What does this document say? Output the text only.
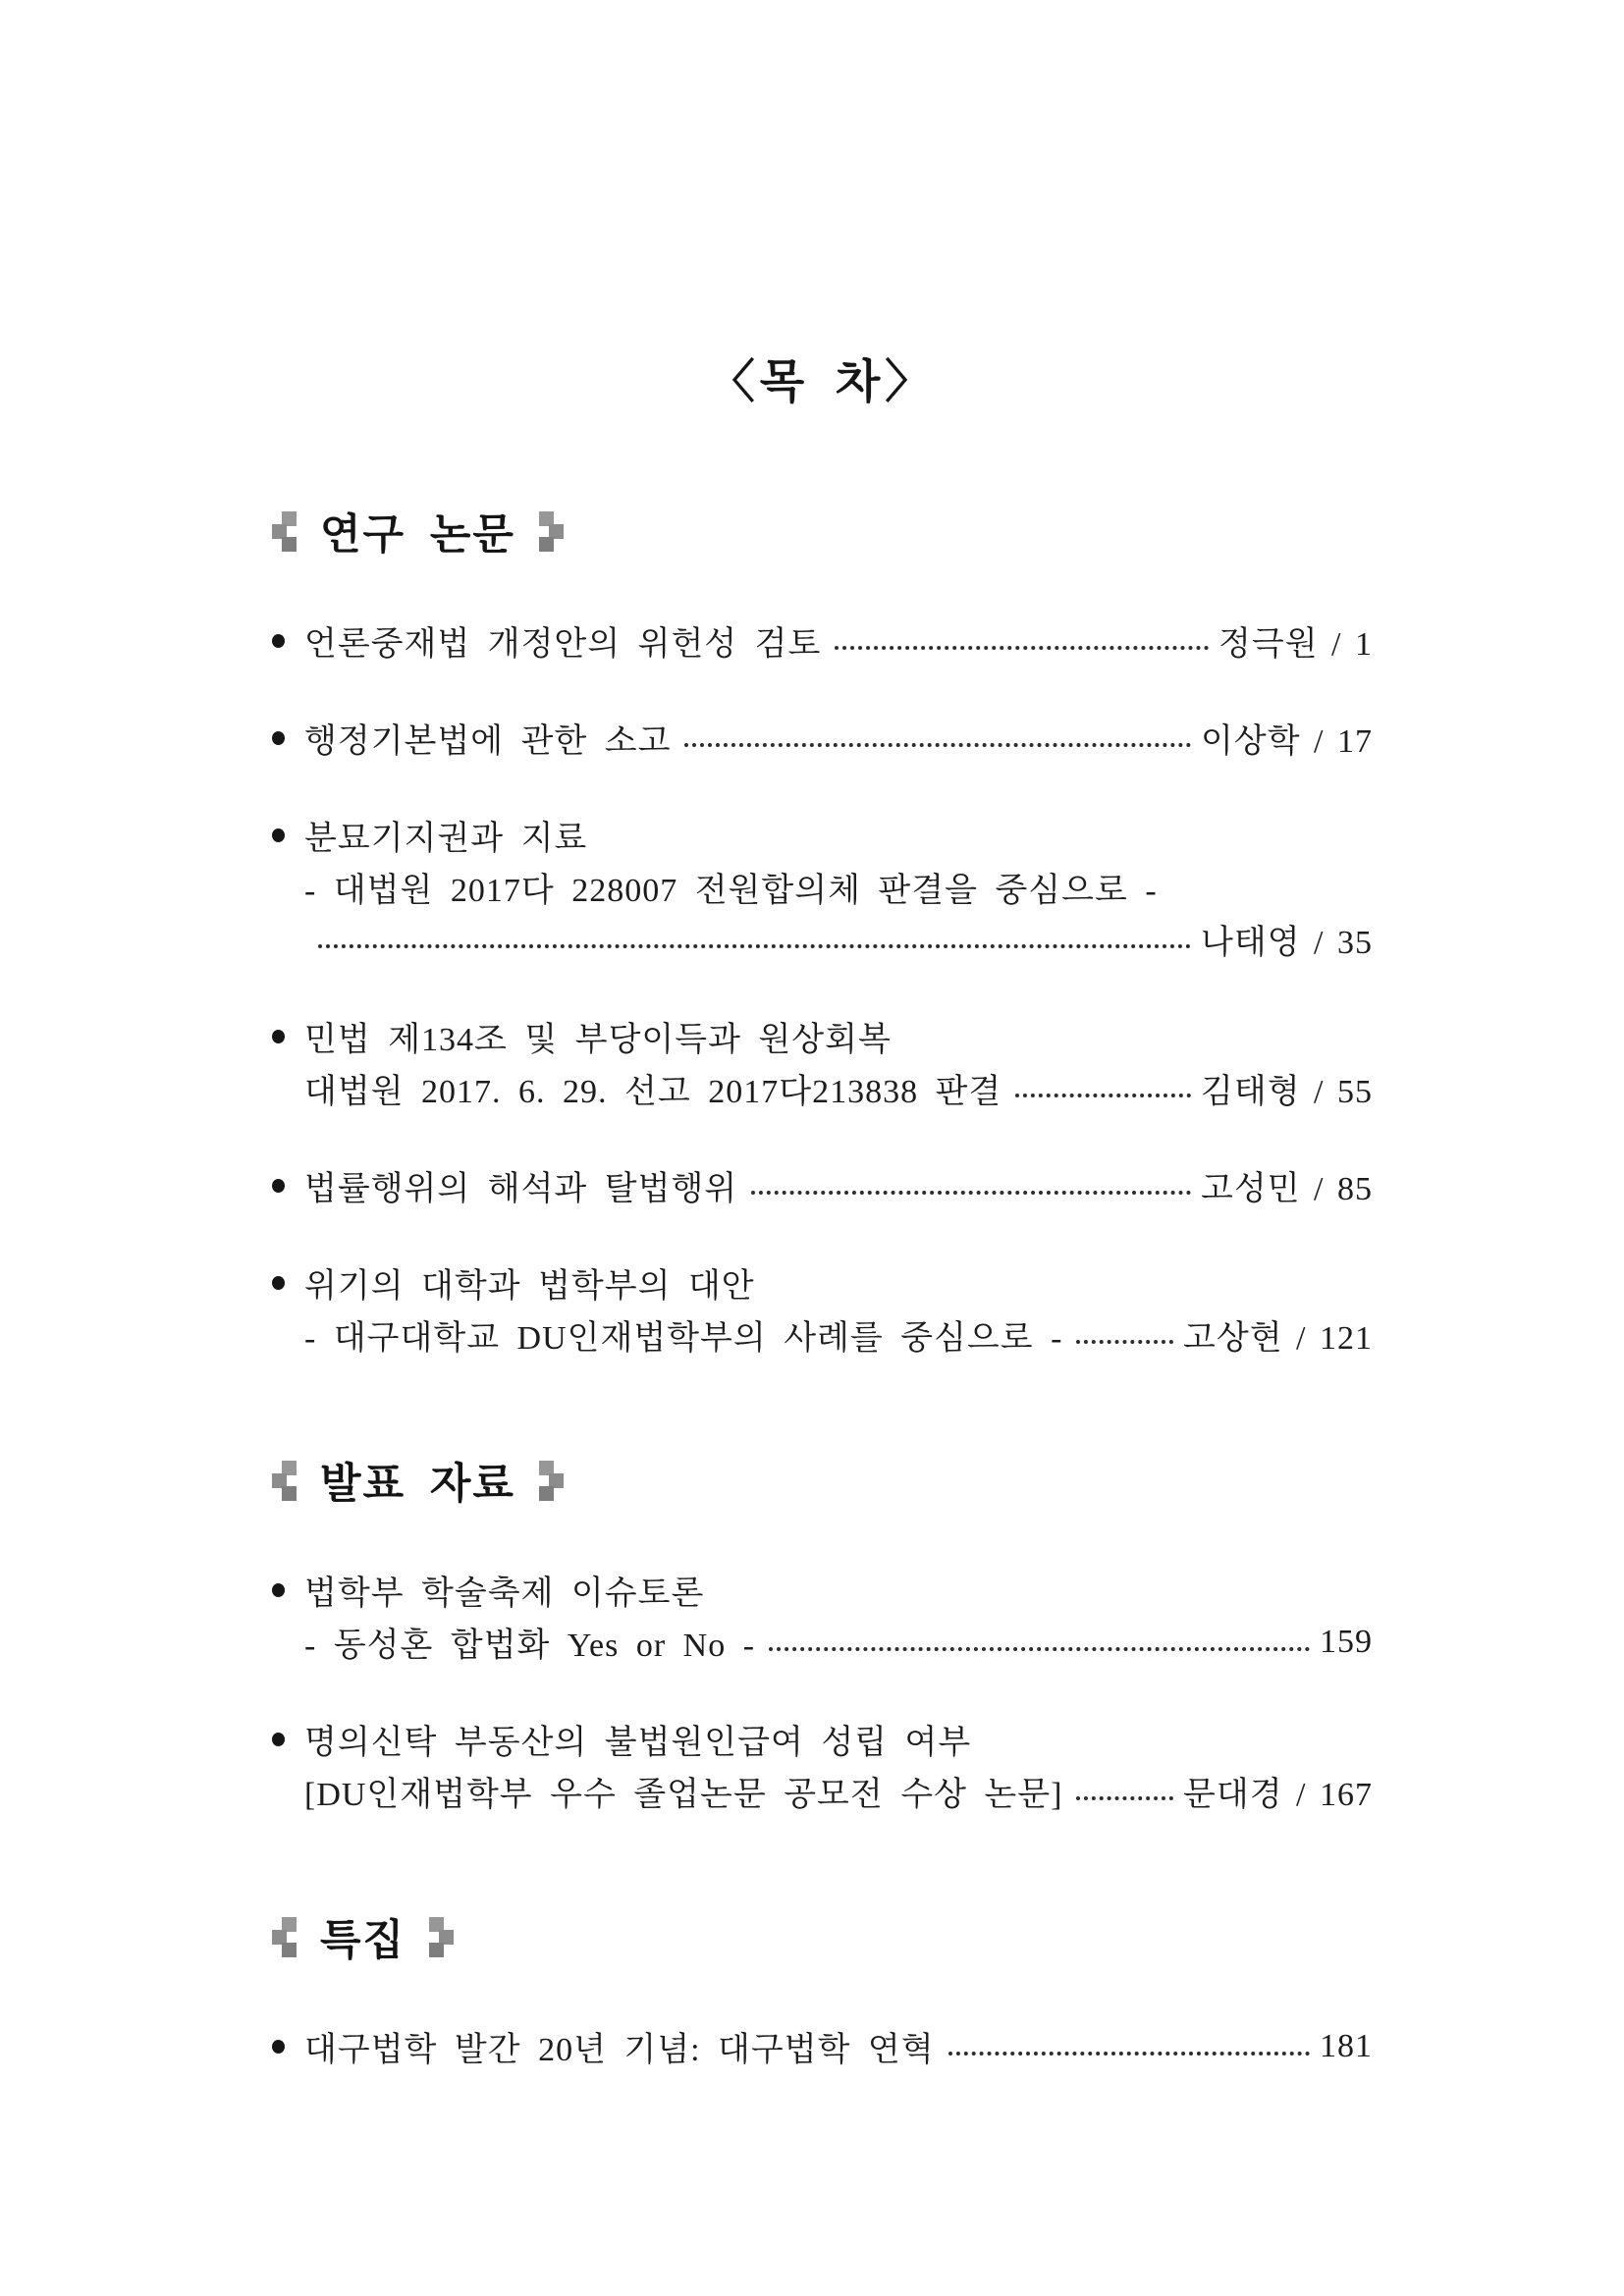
〈목 차〉
연구 논문
언론중재법 개정안의 위헌성 검토	정극원 / 1
행정기본법에 관한 소고	이상학 / 17
분묘기지권과 지료
- 대법원 2017다 228007 전원합의체 판결을 중심으로 -
나태영 / 35
민법 제134조 및 부당이득과 원상회복
대법원 2017. 6. 29. 선고 2017다213838 판결	김태형 / 55
법률행위의 해석과 탈법행위	고성민 / 85
위기의 대학과 법학부의 대안
- 대구대학교 DU인재법학부의 사례를 중심으로 -	고상현 / 121
발표 자료
법학부 학술축제 이슈토론
- 동성혼 합법화 Yes or No -	159
명의신탁 부동산의 불법원인급여 성립 여부
[DU인재법학부 우수 졸업논문 공모전 수상 논문]	문대경 / 167
특집
대구법학 발간 20년 기념: 대구법학 연혁	181
